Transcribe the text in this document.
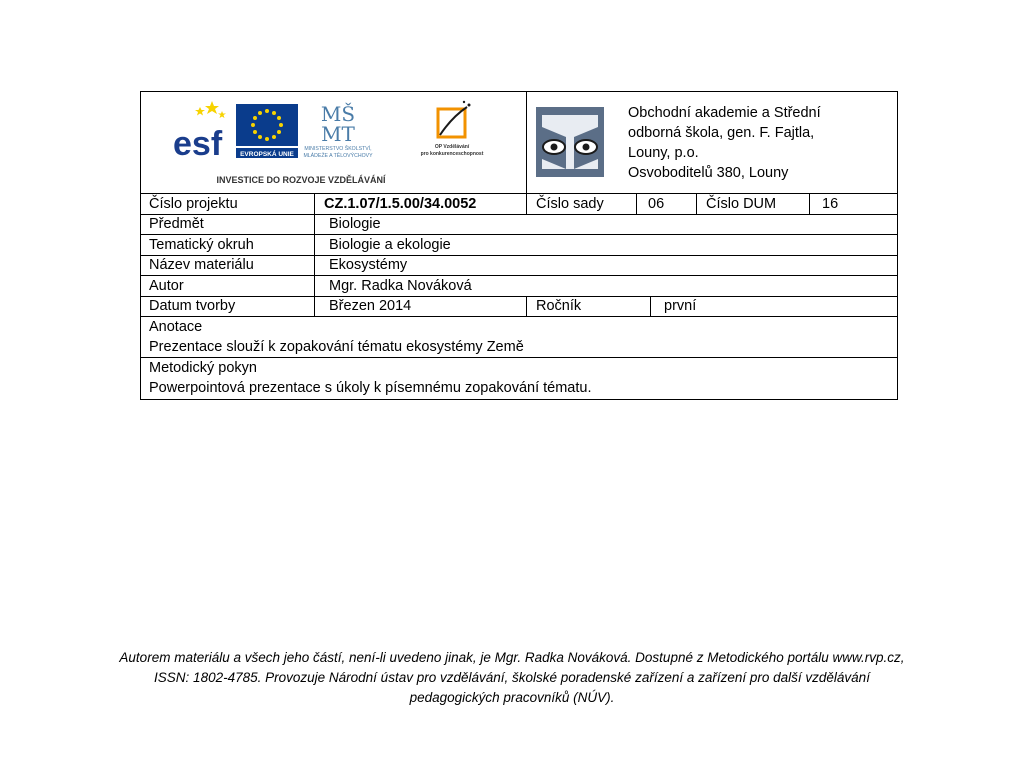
esf	EVROPSKÁ UNIE
MŠ
MT
MINISTERSTVO ŠKOLSTVÍ,
MLÁDEŽE A TĚLOVÝCHOVY
OP Vzdělávání
pro konkurenceschopnost
INVESTICE DO ROZVOJE VZDĚLÁVÁNÍ
Obchodní akademie a Střední
odborná škola, gen. F. Fajtla,
Louny, p.o.
Osvoboditelů 380, Louny
Číslo projektu	CZ.1.07/1.5.00/34.0052	Číslo sady	06	Číslo DUM	16
Předmět	Biologie
Tematický okruh	Biologie a ekologie
Název materiálu	Ekosystémy
Autor	Mgr. Radka Nováková
Datum tvorby	Březen 2014	Ročník	první
Anotace
Prezentace slouží k zopakování tématu ekosystémy Země
Metodický pokyn
Powerpointová prezentace s úkoly k písemnému zopakování tématu.
Autorem materiálu a všech jeho částí, není-li uvedeno jinak, je Mgr. Radka Nováková. Dostupné z Metodického portálu www.rvp.cz,
ISSN: 1802-4785. Provozuje Národní ústav pro vzdělávání, školské poradenské zařízení a zařízení pro další vzdělávání
pedagogických pracovníků (NÚV).
